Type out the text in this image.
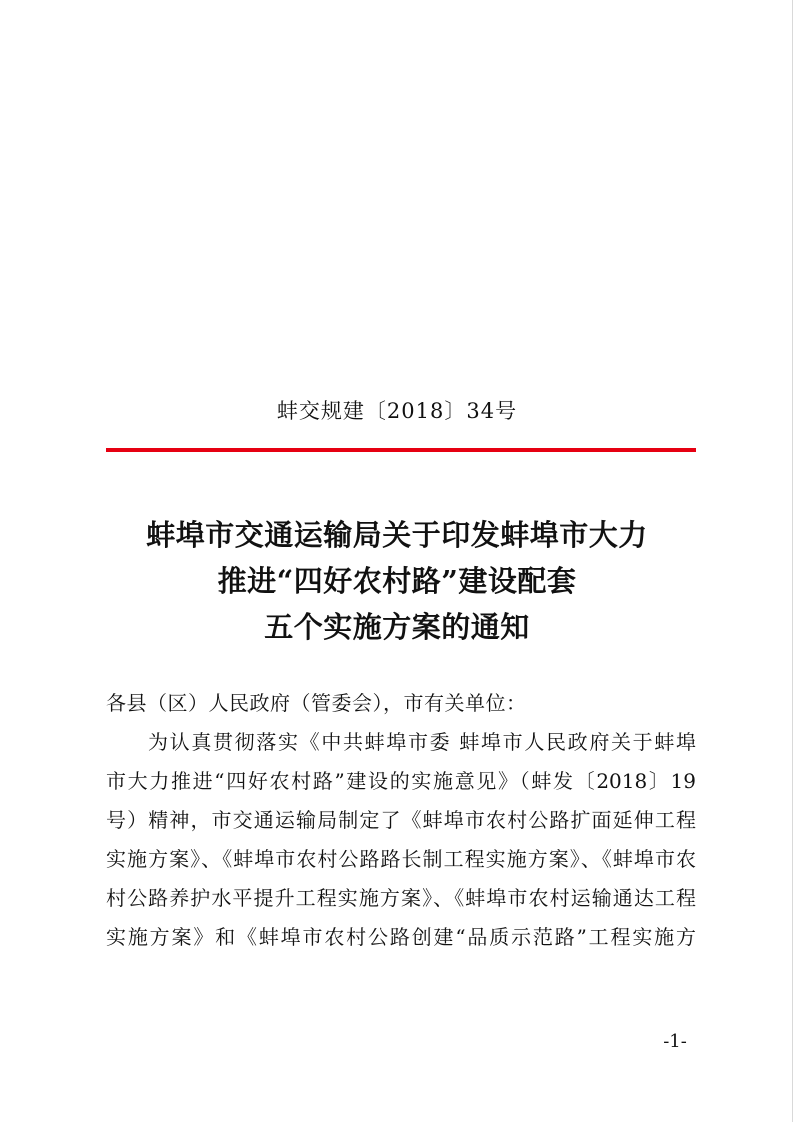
蚌交规建〔2018〕34号
蚌埠市交通运输局关于印发蚌埠市大力
推进“四好农村路”建设配套
五个实施方案的通知
各县（区）人民政府（管委会），市有关单位：
为认真贯彻落实《中共蚌埠市委 蚌埠市人民政府关于蚌埠
市大力推进“四好农村路”建设的实施意见》（蚌发〔2018〕19
号）精神，市交通运输局制定了《蚌埠市农村公路扩面延伸工程
实施方案》、《蚌埠市农村公路路长制工程实施方案》、《蚌埠市农
村公路养护水平提升工程实施方案》、《蚌埠市农村运输通达工程
实施方案》和《蚌埠市农村公路创建“品质示范路”工程实施方
-1-
